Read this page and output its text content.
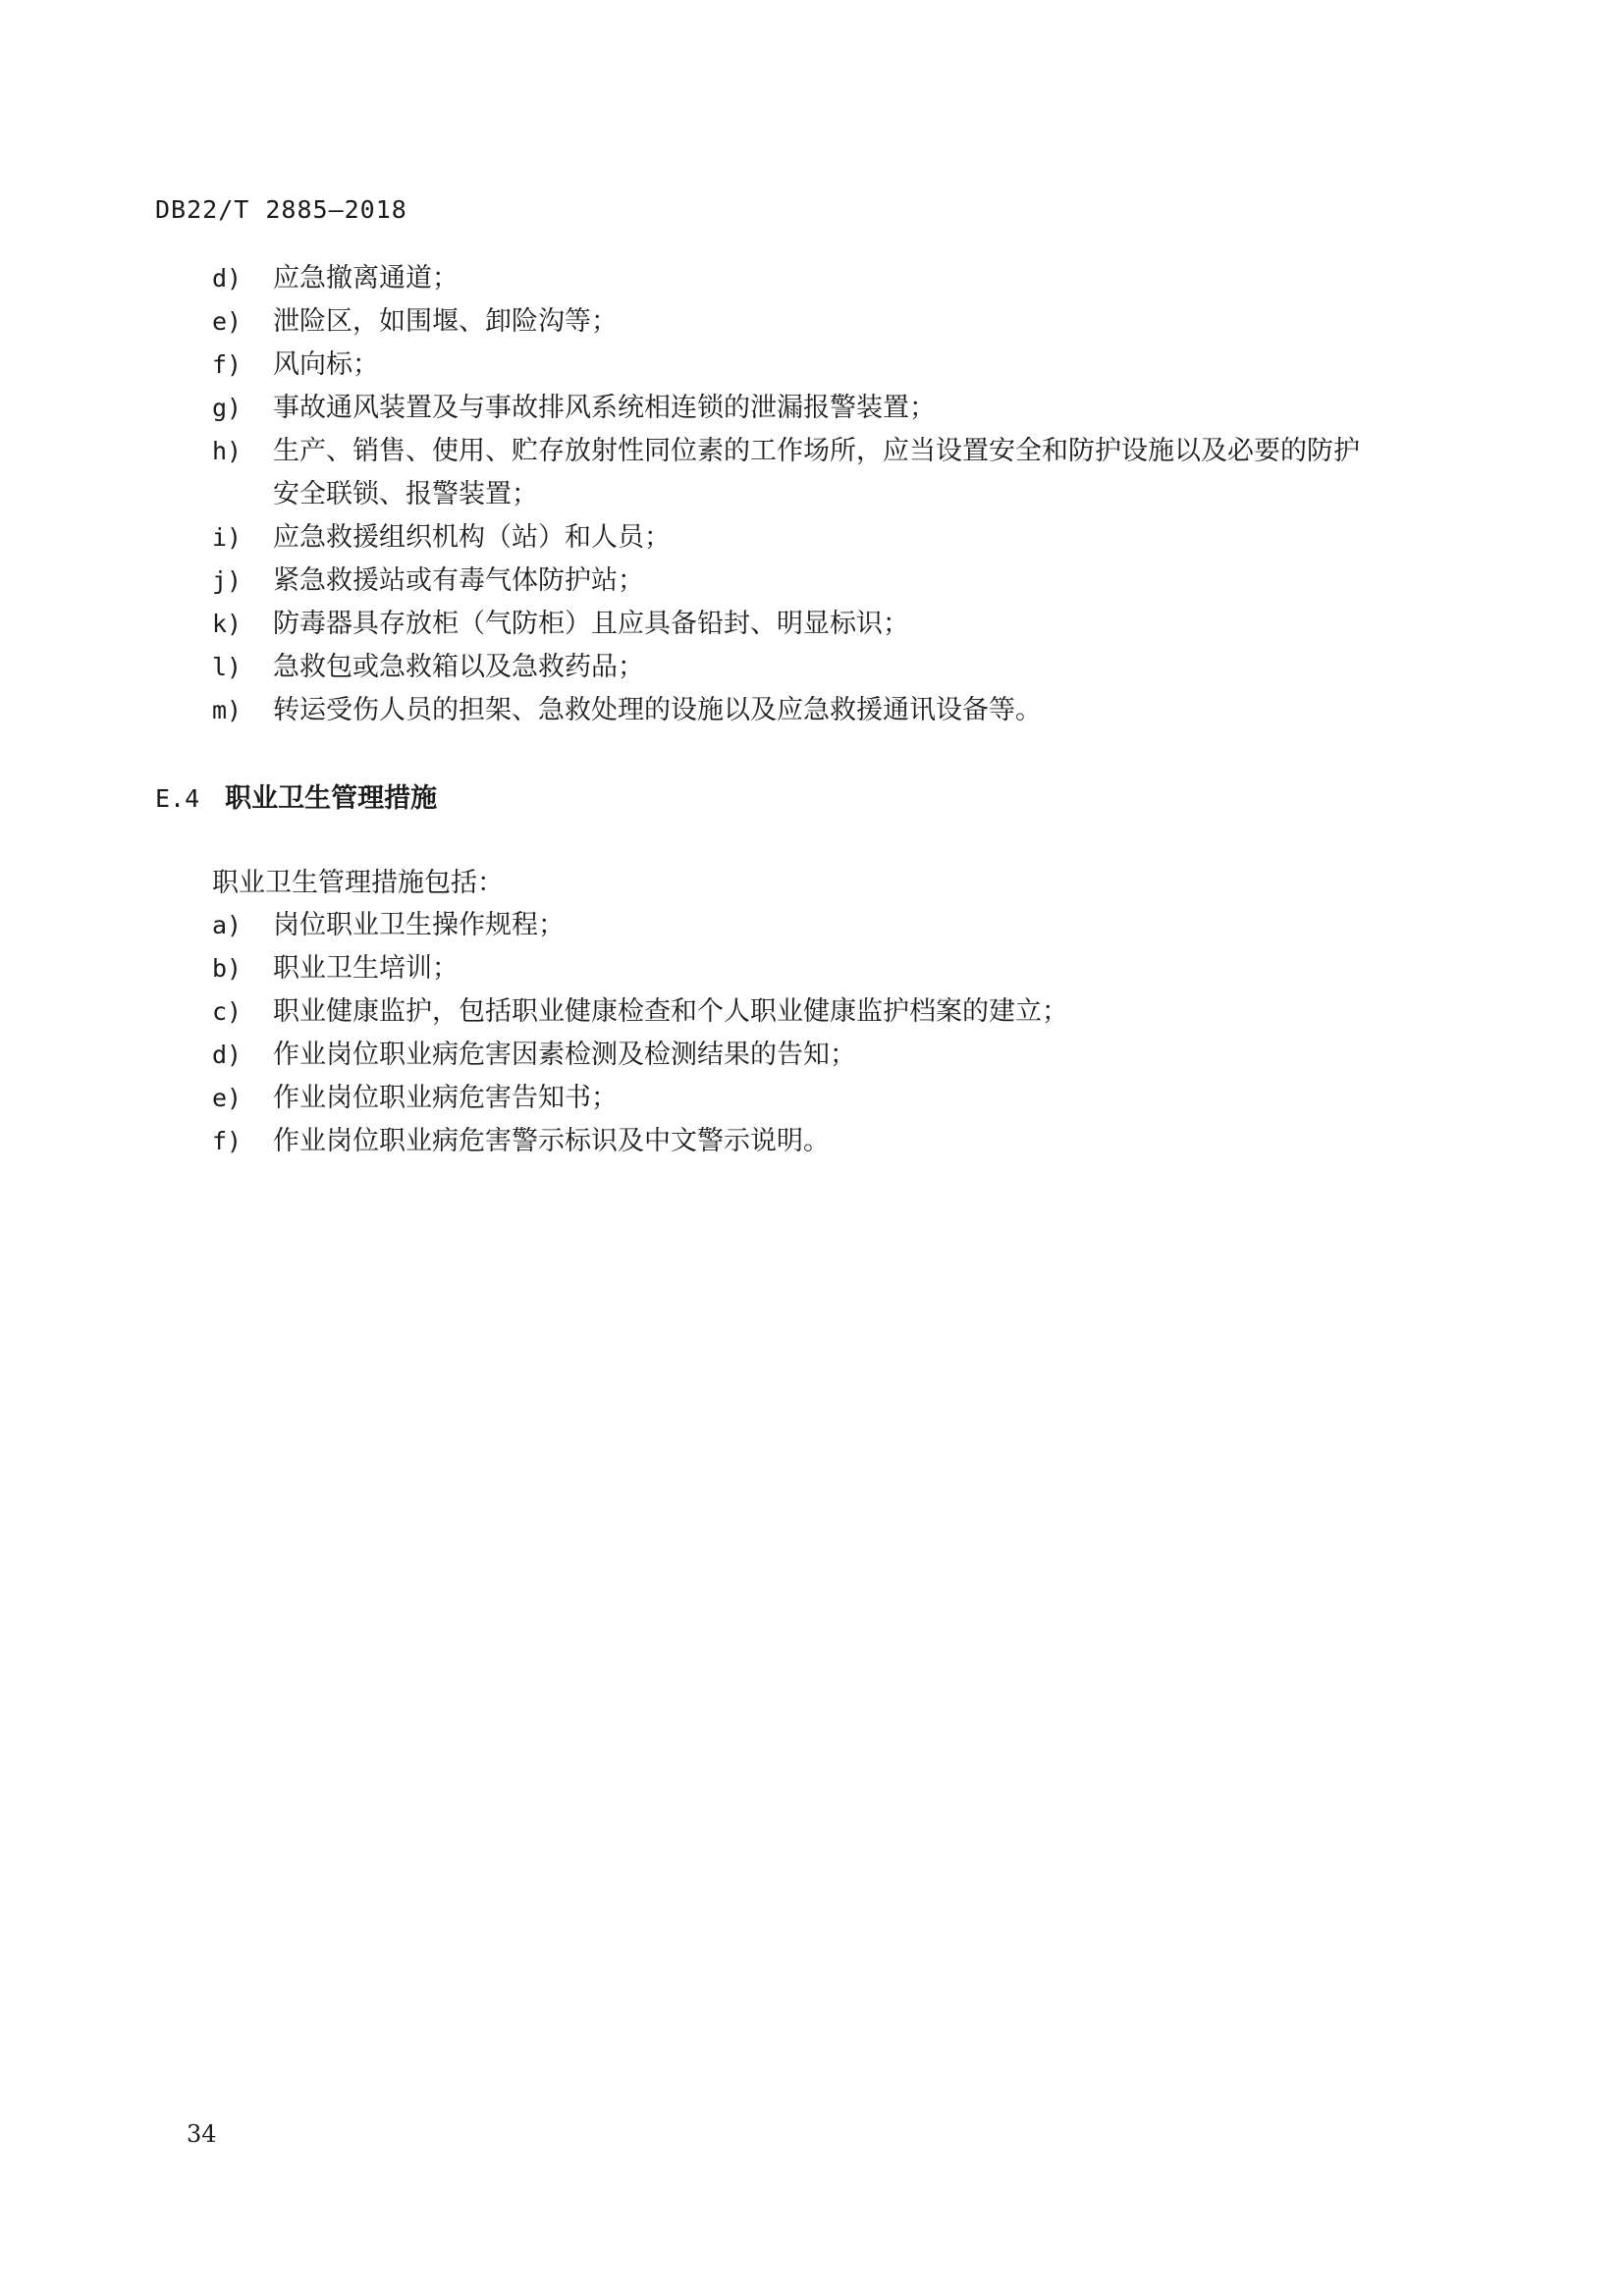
DB22/T 2885—2018
d) 应急撤离通道；
e) 泄险区，如围堰、卸险沟等；
f) 风向标；
g) 事故通风装置及与事故排风系统相连锁的泄漏报警装置；
h) 生产、销售、使用、贮存放射性同位素的工作场所，应当设置安全和防护设施以及必要的防护
安全联锁、报警装置；
i) 应急救援组织机构（站）和人员；
j) 紧急救援站或有毒气体防护站；
k) 防毒器具存放柜（气防柜）且应具备铅封、明显标识；
l) 急救包或急救箱以及急救药品；
m) 转运受伤人员的担架、急救处理的设施以及应急救援通讯设备等。
E.4 职业卫生管理措施
职业卫生管理措施包括：
a) 岗位职业卫生操作规程；
b) 职业卫生培训；
c) 职业健康监护，包括职业健康检查和个人职业健康监护档案的建立；
d) 作业岗位职业病危害因素检测及检测结果的告知；
e) 作业岗位职业病危害告知书；
f) 作业岗位职业病危害警示标识及中文警示说明。
34
